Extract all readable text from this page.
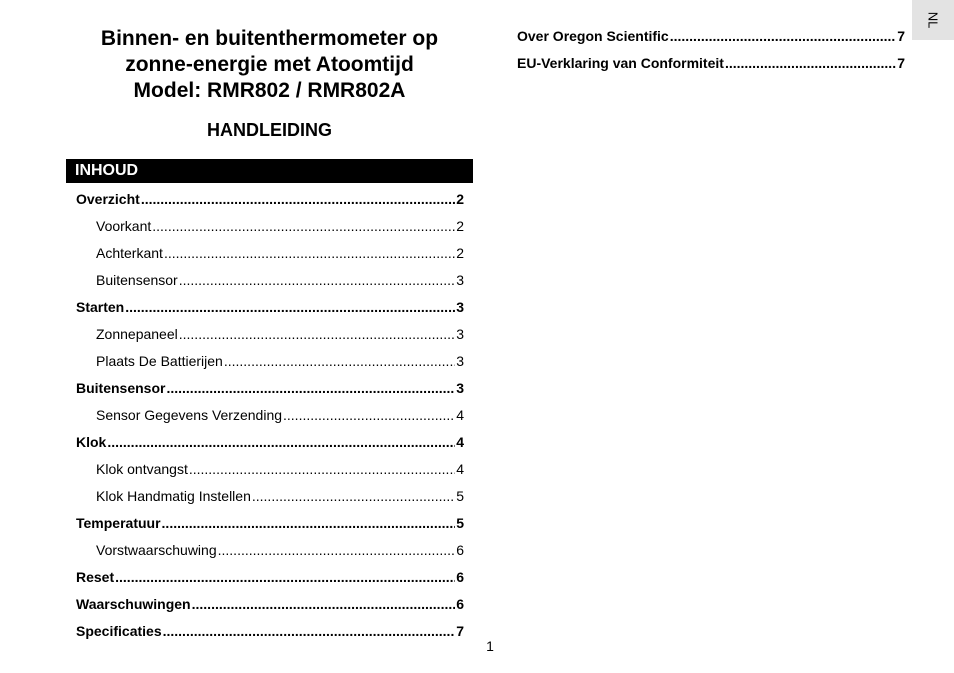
Binnen- en buitenthermometer op
zonne-energie met Atoomtijd
Model: RMR802 / RMR802A
HANDLEIDING
INHOUD
Overzicht .....	2
Voorkant .....	2
Achterkant .....	2
Buitensensor .....	3
Starten .....	3
Zonnepaneel .....	3
Plaats De Battierijen .....	3
Buitensensor .....	3
Sensor Gegevens Verzending .....	4
Klok .....	4
Klok ontvangst .....	4
Klok Handmatig Instellen .....	5
Temperatuur .....	5
Vorstwaarschuwing .....	6
Reset .....	6
Waarschuwingen .....	6
Specificaties .....	7
Over Oregon Scientific .....	7
EU-Verklaring van Conformiteit .....	7
NL
1
